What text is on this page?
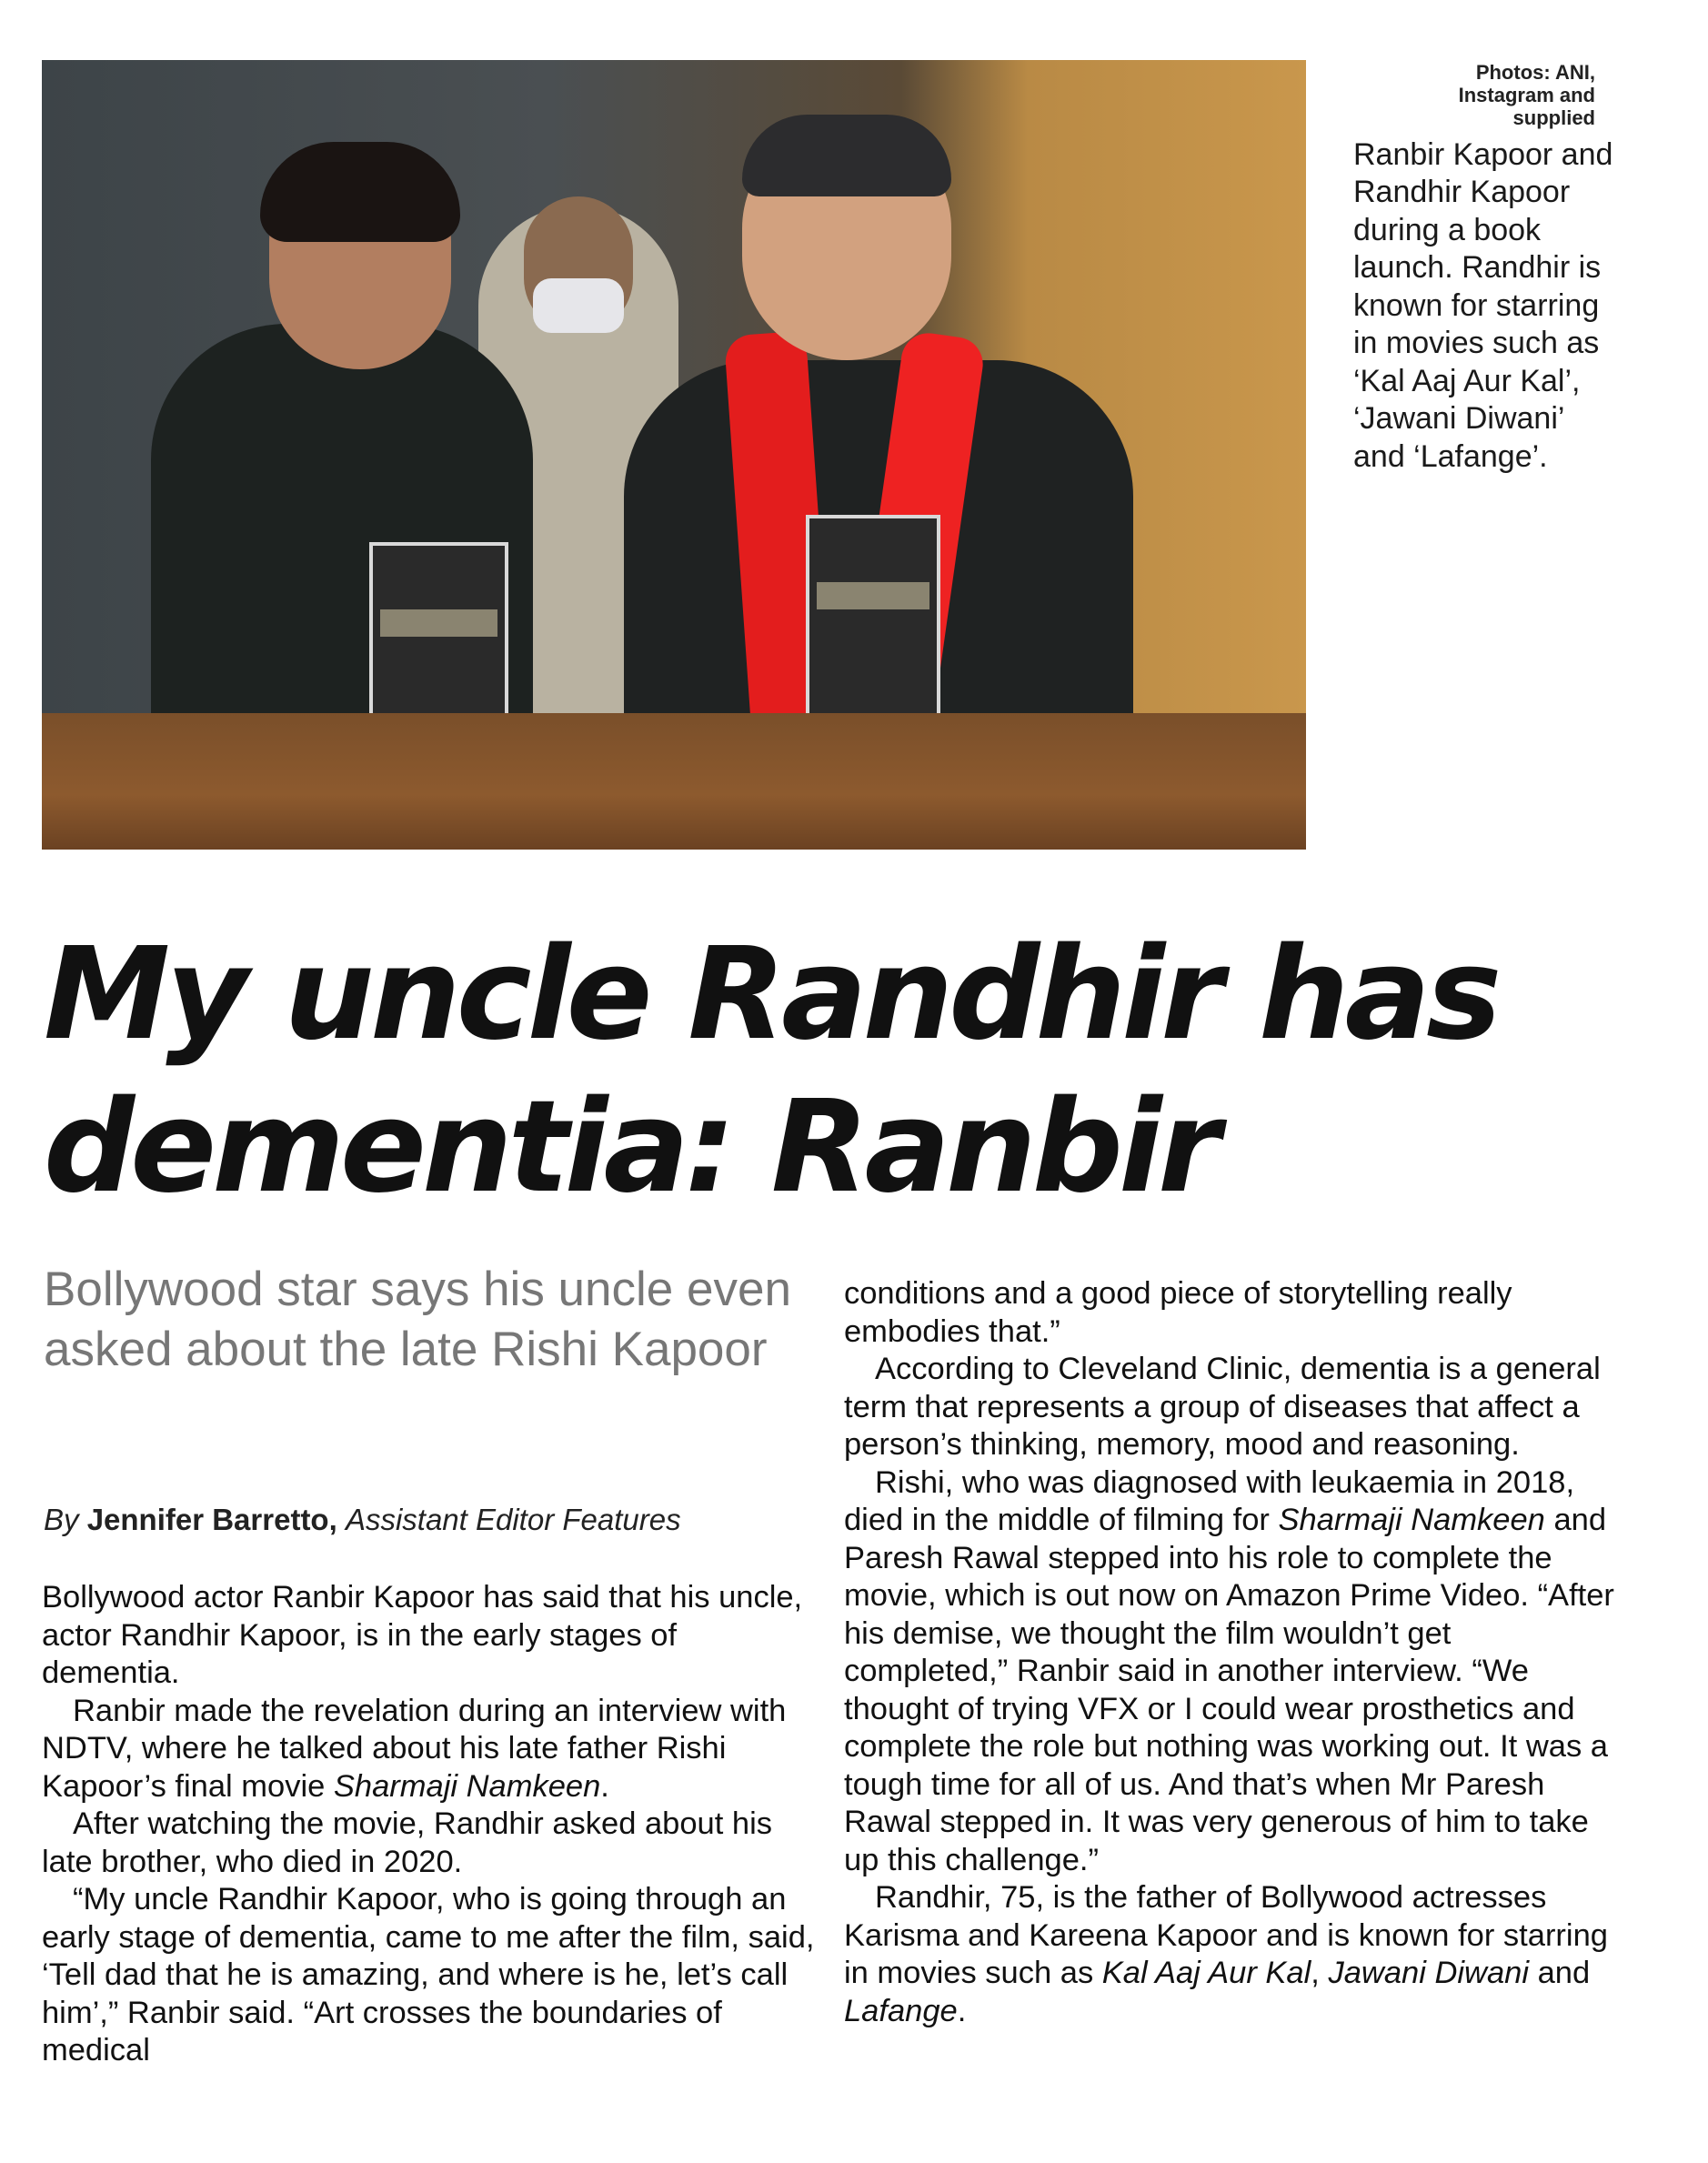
Photos: ANI, Instagram and supplied
Ranbir Kapoor and Randhir Kapoor during a book launch. Randhir is known for starring in movies such as ‘Kal Aaj Aur Kal’, ‘Jawani Diwani’ and ‘Lafange’.
My uncle Randhir has
dementia: Ranbir
Bollywood star says his uncle even asked about the late Rishi Kapoor
By Jennifer Barretto, Assistant Editor Features

Bollywood actor Ranbir Kapoor has said that his uncle, actor Randhir Kapoor, is in the early stages of dementia.

Ranbir made the revelation during an interview with NDTV, where he talked about his late father Rishi Kapoor’s final movie Sharmaji Namkeen.

After watching the movie, Randhir asked about his late brother, who died in 2020.

“My uncle Randhir Kapoor, who is going through an early stage of dementia, came to me after the film, said, ‘Tell dad that he is amazing, and where is he, let’s call him’,” Ranbir said. “Art crosses the boundaries of medical

conditions and a good piece of storytelling really embodies that.”

According to Cleveland Clinic, dementia is a general term that represents a group of diseases that affect a person’s thinking, memory, mood and reasoning.

Rishi, who was diagnosed with leukaemia in 2018, died in the middle of filming for Sharmaji Namkeen and Paresh Rawal stepped into his role to complete the movie, which is out now on Amazon Prime Video. “After his demise, we thought the film wouldn’t get completed,” Ranbir said in another interview. “We thought of trying VFX or I could wear prosthetics and complete the role but nothing was working out. It was a tough time for all of us. And that’s when Mr Paresh Rawal stepped in. It was very generous of him to take up this challenge.”

Randhir, 75, is the father of Bollywood actresses Karisma and Kareena Kapoor and is known for starring in movies such as Kal Aaj Aur Kal, Jawani Diwani and Lafange.
